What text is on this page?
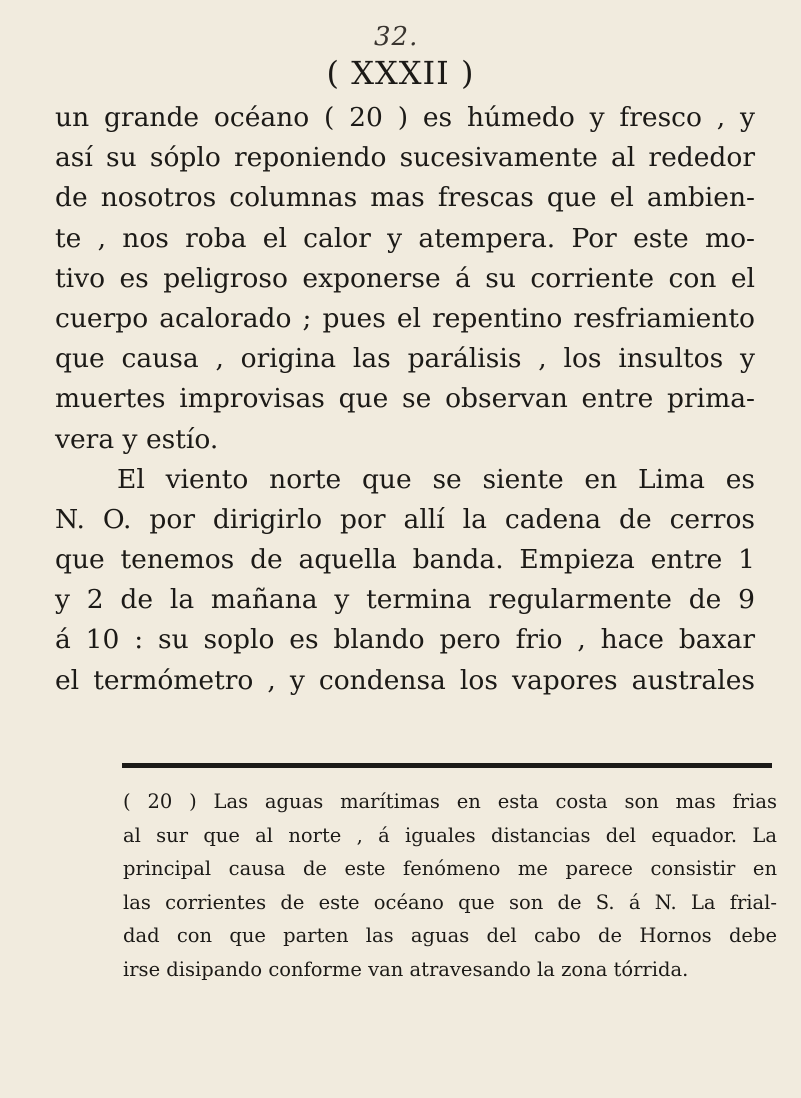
32.
( XXXII )
un grande océano ( 20 ) es húmedo y fresco , y
así su sóplo reponiendo sucesivamente al rededor
de nosotros columnas mas frescas que el ambien-
te , nos roba el calor y atempera. Por este mo-
tivo es peligroso exponerse á su corriente con el
cuerpo acalorado ; pues el repentino resfriamiento
que causa , origina las parálisis , los insultos y
muertes improvisas que se observan entre prima-
vera y estío.
El viento norte que se siente en Lima es
N. O. por dirigirlo por allí la cadena de cerros
que tenemos de aquella banda. Empieza entre 1
y 2 de la mañana y termina regularmente de 9
á 10 : su soplo es blando pero frio , hace baxar
el termómetro , y condensa los vapores australes
( 20 ) Las aguas marítimas en esta costa son mas frias
al sur que al norte , á iguales distancias del equador. La
principal causa de este fenómeno me parece consistir en
las corrientes de este océano que son de S. á N. La frial-
dad con que parten las aguas del cabo de Hornos debe
irse disipando conforme van atravesando la zona tórrida.
